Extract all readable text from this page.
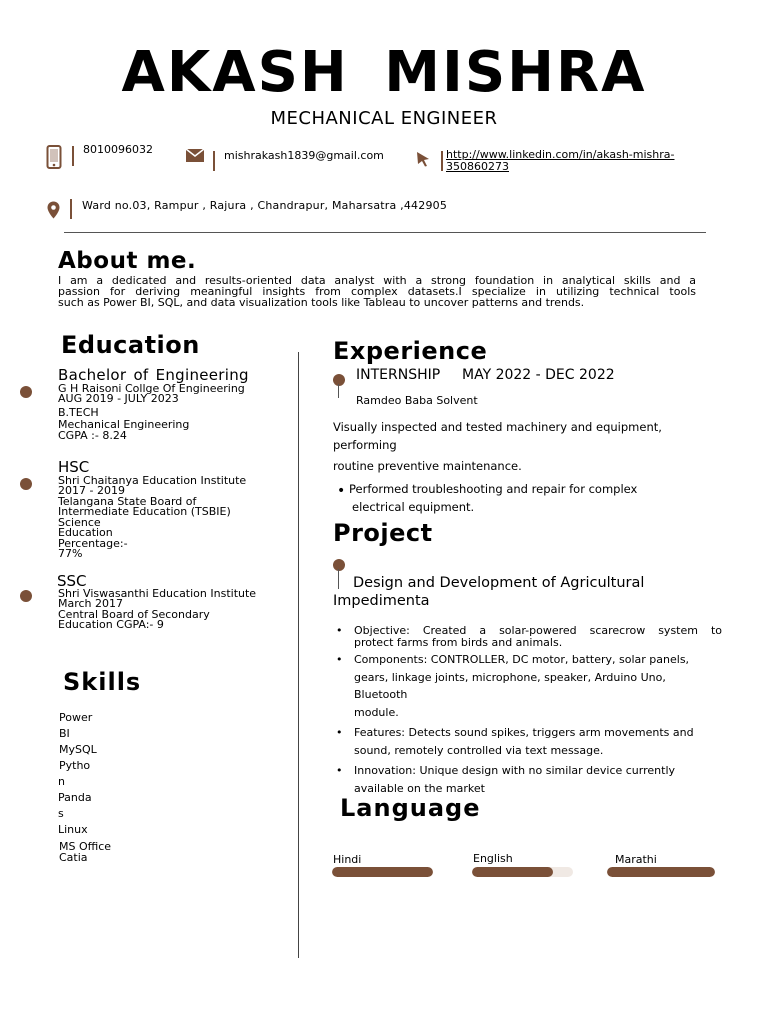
AKASH MISHRA
MECHANICAL ENGINEER
8010096032	mishrakash1839@gmail.com	http://www.linkedin.com/in/akash-mishra-
350860273
Ward no.03, Rampur , Rajura , Chandrapur, Maharsatra ,442905
About me.
I am a dedicated and results-oriented data analyst with a strong foundation in analytical skills and a
passion for deriving meaningful insights from complex datasets.I specialize in utilizing technical tools
such as Power BI, SQL, and data visualization tools like Tableau to uncover patterns and trends.
Education
Bachelor of Engineering
G H Raisoni Collge Of Engineering
AUG 2019 - JULY 2023
B.TECH
Mechanical Engineering
CGPA :- 8.24
HSC
Shri Chaitanya Education Institute
2017 - 2019
Telangana State Board of
Intermediate Education (TSBIE)
Science
Education
Percentage:-
77%
SSC
Shri Viswasanthi Education Institute
March 2017
Central Board of Secondary
Education CGPA:- 9
Skills
Power
BI
MySQL
Pytho
n
Panda
s
Linux
MS Office
Catia
Experience
INTERNSHIP MAY 2022 - DEC 2022
Ramdeo Baba Solvent
Visually inspected and tested machinery and equipment,
performing
routine preventive maintenance.
• Performed troubleshooting and repair for complex
electrical equipment.
Project
Design and Development of Agricultural
Impedimenta
• Objective: Created a solar-powered scarecrow system to
protect farms from birds and animals.
• Components: CONTROLLER, DC motor, battery, solar panels,
gears, linkage joints, microphone, speaker, Arduino Uno, Bluetooth
module.
• Features: Detects sound spikes, triggers arm movements and
sound, remotely controlled via text message.
• Innovation: Unique design with no similar device currently
available on the market
Language
Hindi	English	Marathi
